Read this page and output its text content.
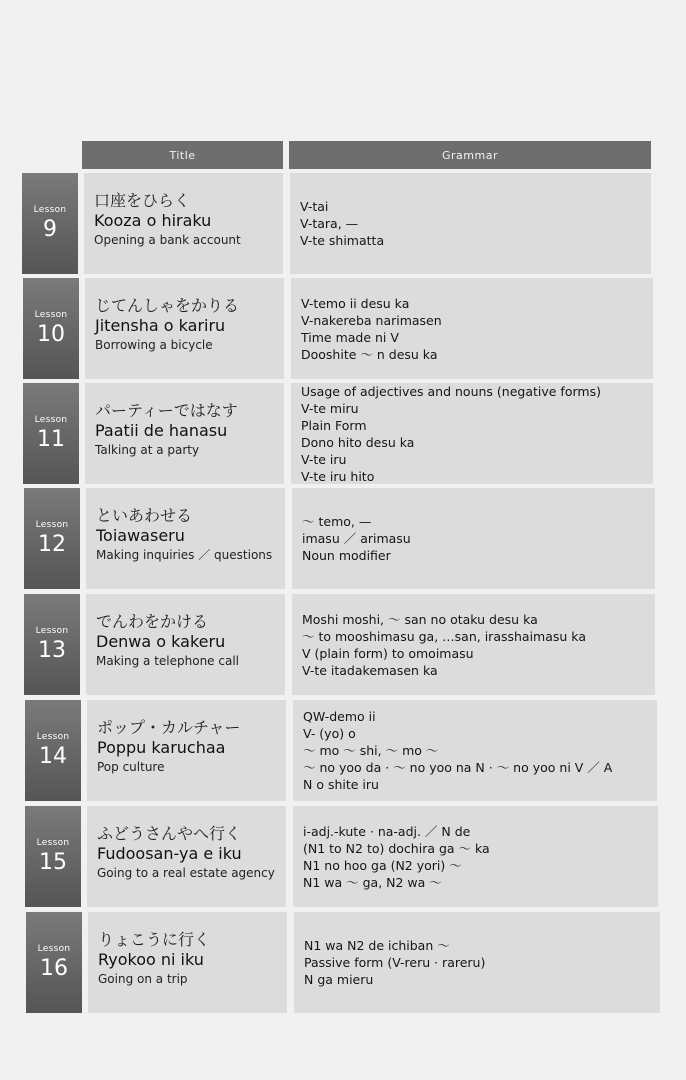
Title	Grammar
Lesson
9
口座をひらく
Kooza o hiraku
Opening a bank account
V-tai
V-tara, —
V-te shimatta
Lesson
10
じてんしゃをかりる
Jitensha o kariru
Borrowing a bicycle
V-temo ii desu ka
V-nakereba narimasen
Time made ni V
Dooshite ～ n desu ka
Lesson
11
パーティーではなす
Paatii de hanasu
Talking at a party
Usage of adjectives and nouns (negative forms)
V-te miru
Plain Form
Dono hito desu ka
V-te iru
V-te iru hito
Lesson
12
といあわせる
Toiawaseru
Making inquiries ／ questions
～ temo, —
imasu ／ arimasu
Noun modifier
Lesson
13
でんわをかける
Denwa o kakeru
Making a telephone call
Moshi moshi, ～ san no otaku desu ka
～ to mooshimasu ga, …san, irasshaimasu ka
V (plain form) to omoimasu
V-te itadakemasen ka
Lesson
14
ポップ・カルチャー
Poppu karuchaa
Pop culture
QW-demo ii
V- (yo) o
～ mo ～ shi, ～ mo ～
～ no yoo da · ～ no yoo na N · ～ no yoo ni V ／ A
N o shite iru
Lesson
15
ふどうさんやへ行く
Fudoosan-ya e iku
Going to a real estate agency
i-adj.-kute · na-adj. ／ N de
(N1 to N2 to) dochira ga ～ ka
N1 no hoo ga (N2 yori) ～
N1 wa ～ ga, N2 wa ～
Lesson
16
りょこうに行く
Ryokoo ni iku
Going on a trip
N1 wa N2 de ichiban ～
Passive form (V-reru · rareru)
N ga mieru
